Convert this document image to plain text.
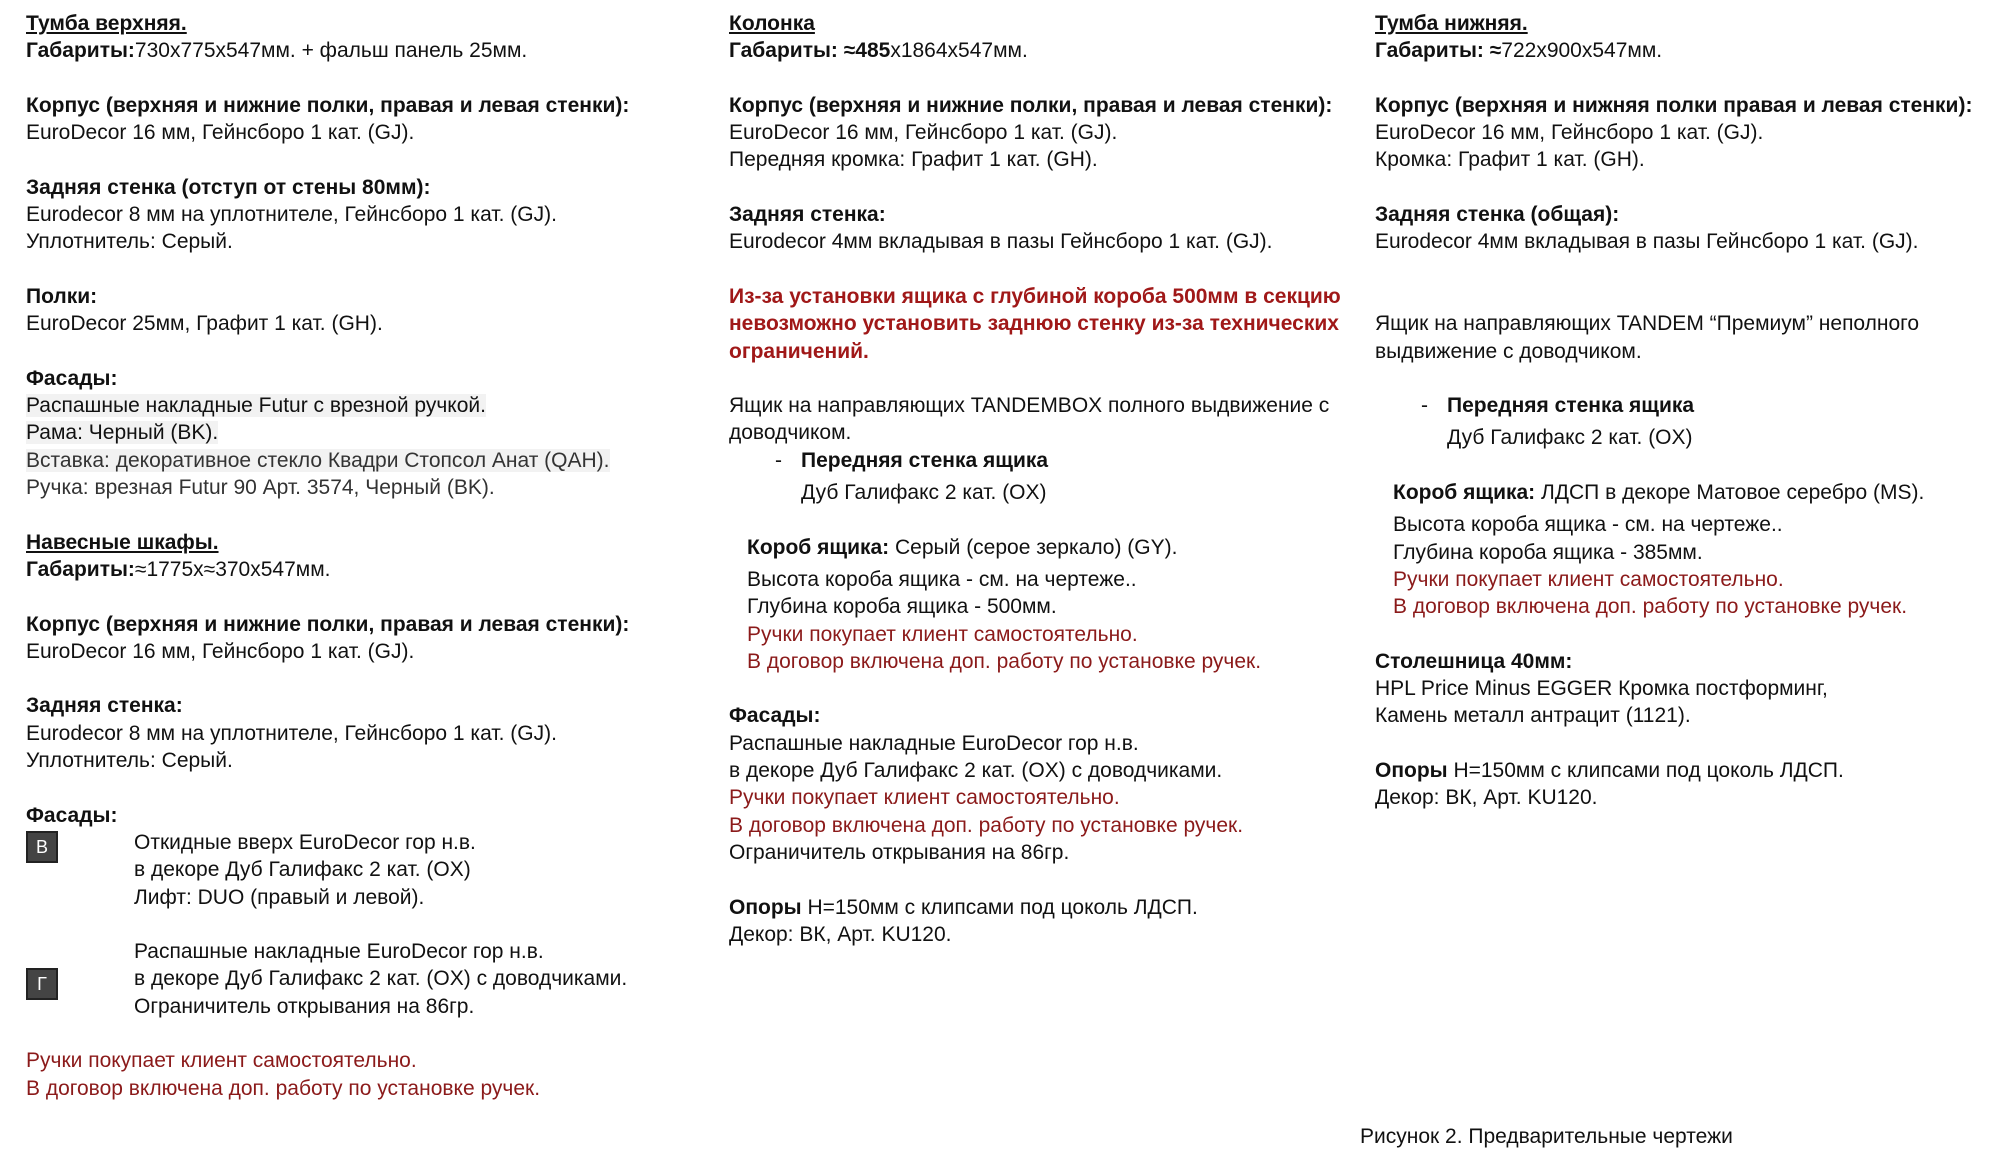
Тумба верхняя.

Габариты:730х775х547мм. + фальш панель 25мм.

Корпус (верхняя и нижние полки, правая и левая стенки):

EuroDecor 16 мм, Гейнсборо 1 кат. (GJ).

Задняя стенка (отступ от стены 80мм):

Eurodecor 8 мм на уплотнителе, Гейнсборо 1 кат. (GJ).

Уплотнитель: Серый.

Полки:

EuroDecor 25мм, Графит 1 кат. (GH).

Фасады:

Распашные накладные Futur с врезной ручкой.

Рама: Черный (BK).

Вставка: декоративное стекло Квадри Стопсол Анат (QAH).

Ручка: врезная Futur 90 Арт. 3574, Черный (BK).

Навесные шкафы.

Габариты:≈1775х≈370х547мм.

Корпус (верхняя и нижние полки, правая и левая стенки):

EuroDecor 16 мм, Гейнсборо 1 кат. (GJ).

Задняя стенка:

Eurodecor 8 мм на уплотнителе, Гейнсборо 1 кат. (GJ).

Уплотнитель: Серый.

Фасады:

В	Откидные вверх EuroDecor гор н.в.

в декоре Дуб Галифакс 2 кат. (OX)

Лифт: DUO (правый и левой).

Г

Распашные накладные EuroDecor гор н.в.

в декоре Дуб Галифакс 2 кат. (OX) с доводчиками.

Ограничитель открывания на 86гр.

Ручки покупает клиент самостоятельно.

В договор включена доп. работу по установке ручек.

Колонка

Габариты: ≈485х1864х547мм.

Корпус (верхняя и нижние полки, правая и левая стенки):

EuroDecor 16 мм, Гейнсборо 1 кат. (GJ).

Передняя кромка: Графит 1 кат. (GH).

Задняя стенка:

Eurodecor 4мм вкладывая в пазы Гейнсборо 1 кат. (GJ).

Из-за установки ящика с глубиной короба 500мм в секцию невозможно установить заднюю стенку из-за технических ограничений.

Ящик на направляющих TANDEMBOX полного выдвижение с доводчиком.

- Передняя стенка ящика

Дуб Галифакс 2 кат. (OX)

Короб ящика: Серый (серое зеркало) (GY).

Высота короба ящика - см. на чертеже..

Глубина короба ящика - 500мм.

Ручки покупает клиент самостоятельно.

В договор включена доп. работу по установке ручек.

Фасады:

Распашные накладные EuroDecor гор н.в.

в декоре Дуб Галифакс 2 кат. (OX) с доводчиками.

Ручки покупает клиент самостоятельно.

В договор включена доп. работу по установке ручек.

Ограничитель открывания на 86гр.

Опоры Н=150мм с клипсами под цоколь ЛДСП.

Декор: ВК, Арт. KU120.

Тумба нижняя.

Габариты: ≈722х900х547мм.

Корпус (верхняя и нижняя полки правая и левая стенки):

EuroDecor 16 мм, Гейнсборо 1 кат. (GJ).

Кромка: Графит 1 кат. (GH).

Задняя стенка (общая):

Eurodecor 4мм вкладывая в пазы Гейнсборо 1 кат. (GJ).

Ящик на направляющих TANDEM “Премиум” неполного выдвижение с доводчиком.

- Передняя стенка ящика

Дуб Галифакс 2 кат. (OX)

Короб ящика: ЛДСП в декоре Матовое серебро (MS).

Высота короба ящика - см. на чертеже..

Глубина короба ящика - 385мм.

Ручки покупает клиент самостоятельно.

В договор включена доп. работу по установке ручек.

Столешница 40мм:

HPL Price Minus EGGER Кромка постформинг,

Камень металл антрацит (1121).

Опоры Н=150мм с клипсами под цоколь ЛДСП.

Декор: ВК, Арт. KU120.

Рисунок 2. Предварительные чертежи
